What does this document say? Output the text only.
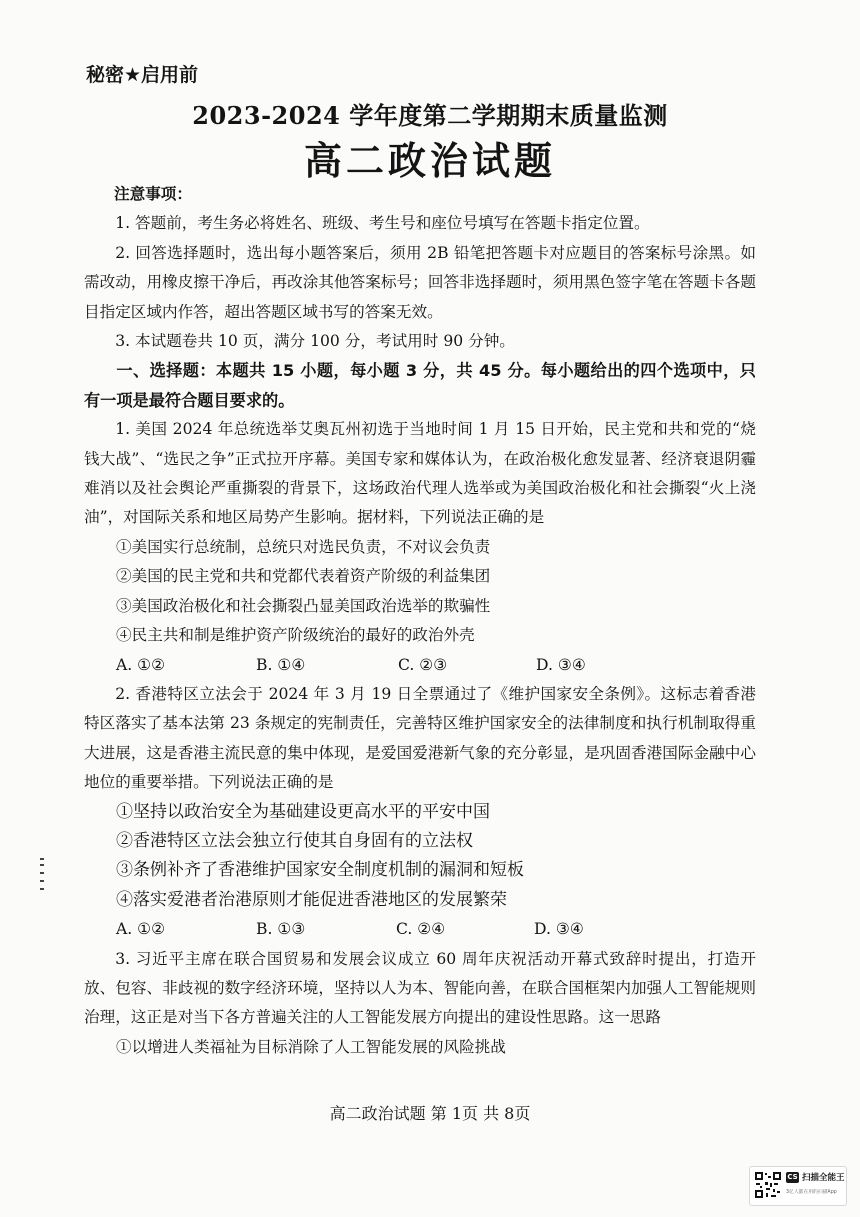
秘密★启用前
2023-2024 学年度第二学期期末质量监测
高二政治试题

注意事项：

1. 答题前，考生务必将姓名、班级、考生号和座位号填写在答题卡指定位置。

2. 回答选择题时，选出每小题答案后，须用 2B 铅笔把答题卡对应题目的答案标号涂黑。如需改动，用橡皮擦干净后，再改涂其他答案标号；回答非选择题时，须用黑色签字笔在答题卡各题目指定区域内作答，超出答题区域书写的答案无效。

3. 本试题卷共 10 页，满分 100 分，考试用时 90 分钟。

一、选择题：本题共 15 小题，每小题 3 分，共 45 分。每小题给出的四个选项中，只有一项是最符合题目要求的。

1. 美国 2024 年总统选举艾奥瓦州初选于当地时间 1 月 15 日开始，民主党和共和党的“烧钱大战”、“选民之争”正式拉开序幕。美国专家和媒体认为，在政治极化愈发显著、经济衰退阴霾难消以及社会舆论严重撕裂的背景下，这场政治代理人选举或为美国政治极化和社会撕裂“火上浇油”，对国际关系和地区局势产生影响。据材料，下列说法正确的是

①美国实行总统制，总统只对选民负责，不对议会负责

②美国的民主党和共和党都代表着资产阶级的利益集团

③美国政治极化和社会撕裂凸显美国政治选举的欺骗性

④民主共和制是维护资产阶级统治的最好的政治外壳

A. ①②	B. ①④	C. ②③	D. ③④

2. 香港特区立法会于 2024 年 3 月 19 日全票通过了《维护国家安全条例》。这标志着香港特区落实了基本法第 23 条规定的宪制责任，完善特区维护国家安全的法律制度和执行机制取得重大进展，这是香港主流民意的集中体现，是爱国爱港新气象的充分彰显，是巩固香港国际金融中心地位的重要举措。下列说法正确的是

①坚持以政治安全为基础建设更高水平的平安中国

②香港特区立法会独立行使其自身固有的立法权

③条例补齐了香港维护国家安全制度机制的漏洞和短板

④落实爱港者治港原则才能促进香港地区的发展繁荣

A. ①②	B. ①③	C. ②④	D. ③④

3. 习近平主席在联合国贸易和发展会议成立 60 周年庆祝活动开幕式致辞时提出，打造开放、包容、非歧视的数字经济环境，坚持以人为本、智能向善，在联合国框架内加强人工智能规则治理，这正是对当下各方普遍关注的人工智能发展方向提出的建设性思路。这一思路

①以增进人类福祉为目标消除了人工智能发展的风险挑战

高二政治试题 第 1页 共 8页
CS 扫描全能王
3亿人都在用的扫描App
